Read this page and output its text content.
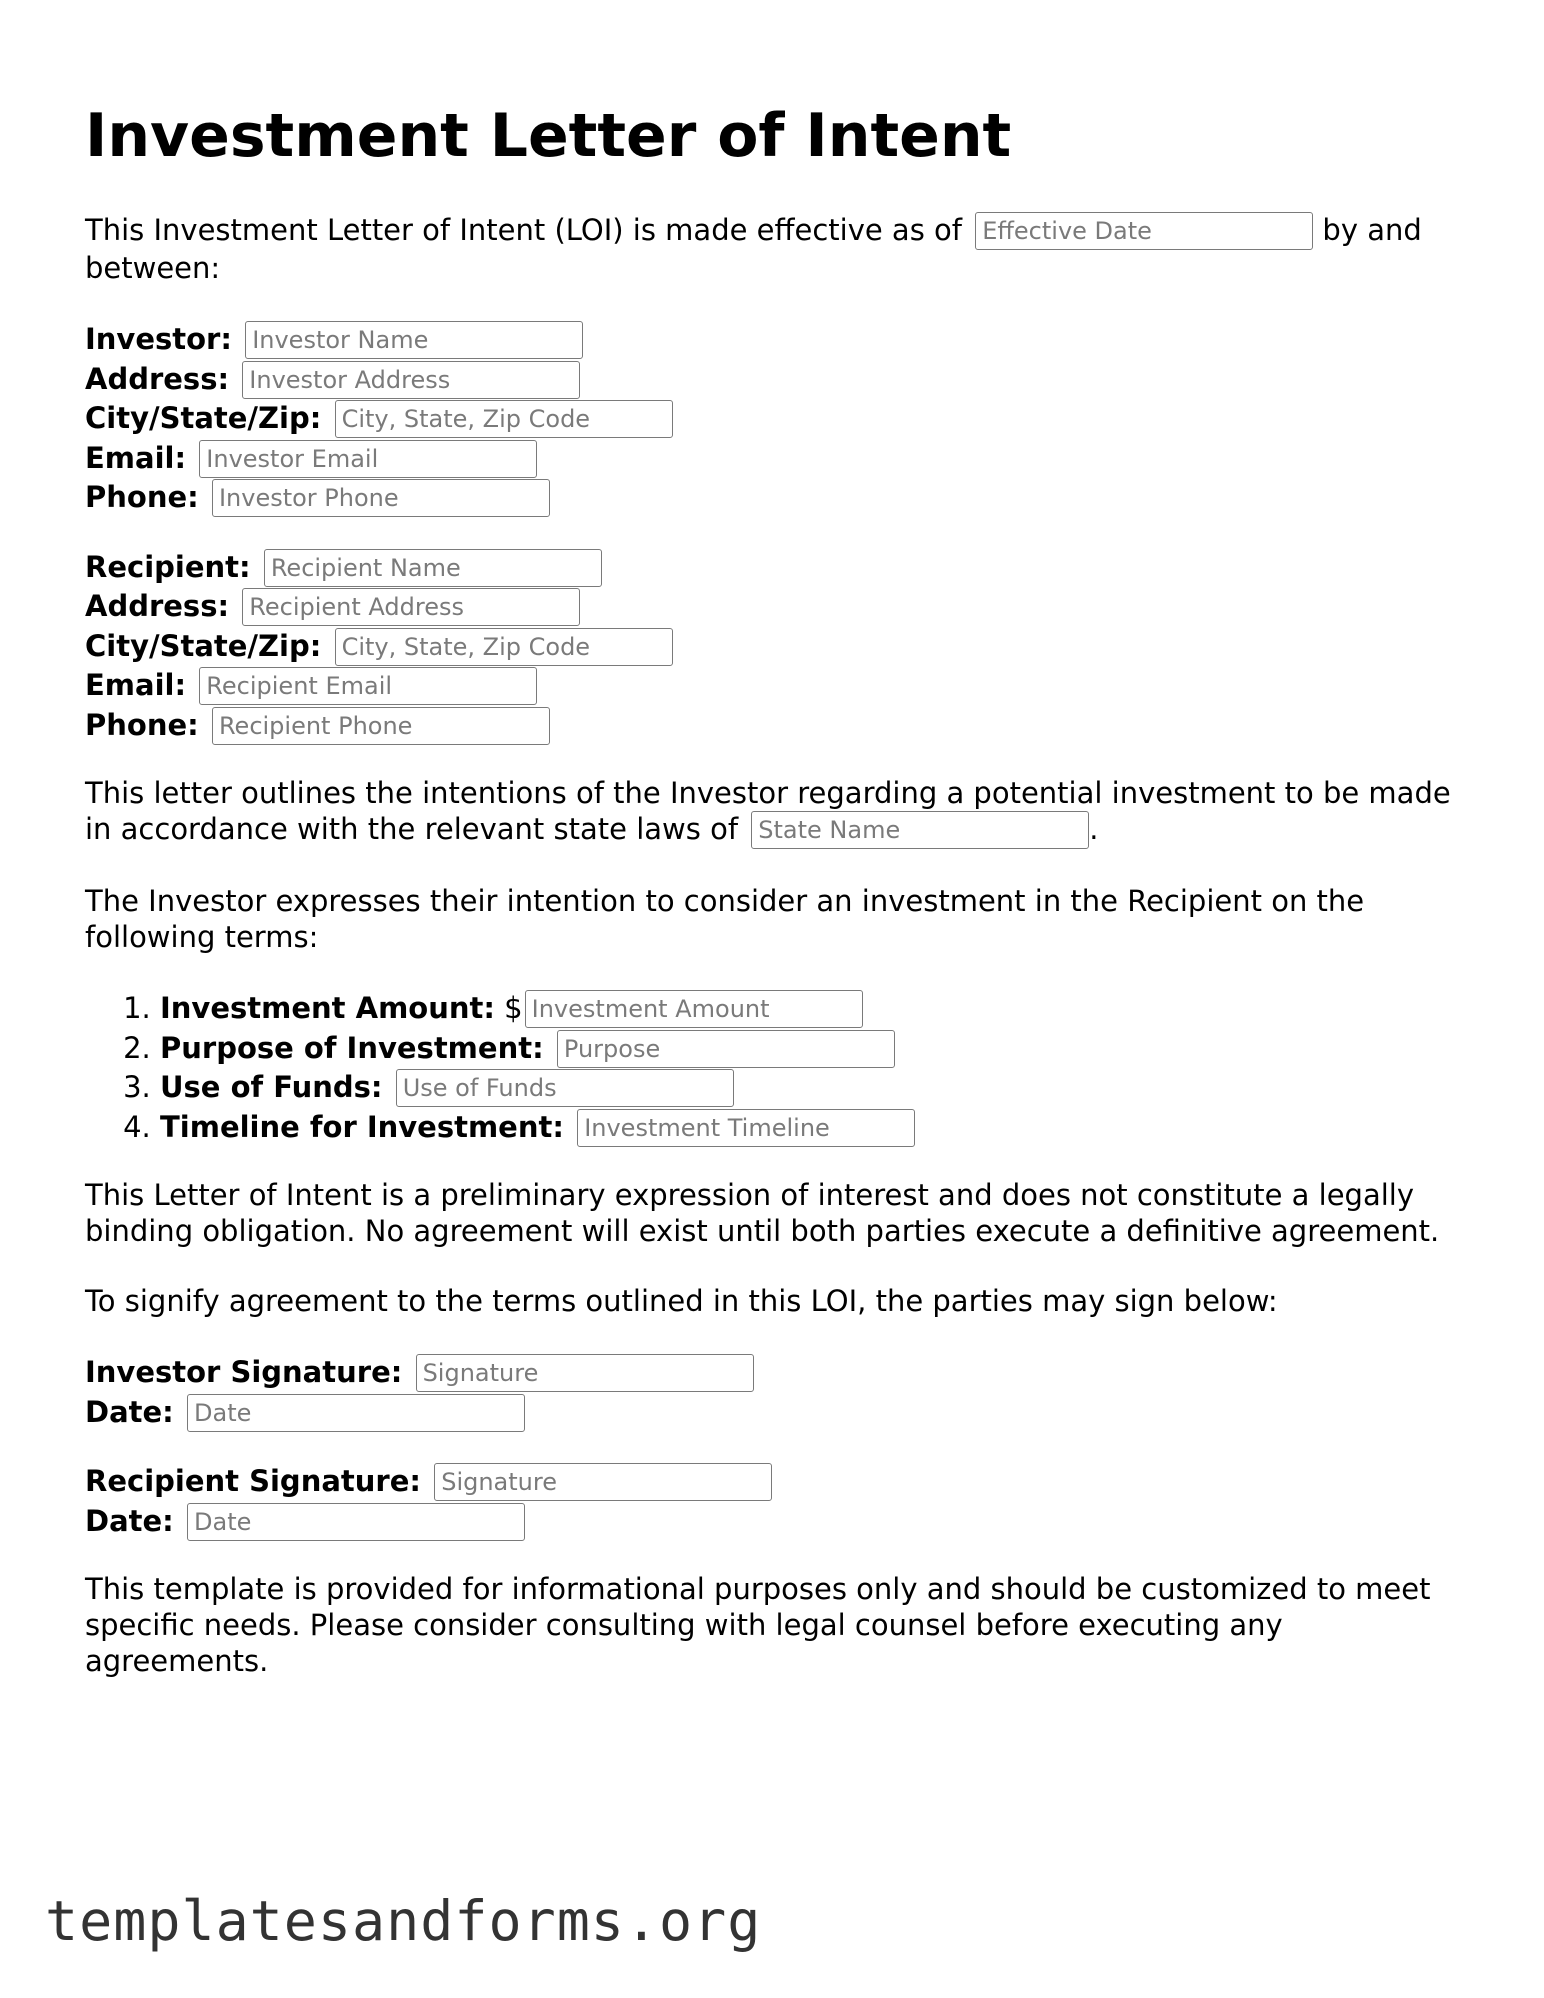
Investment Letter of Intent

This Investment Letter of Intent (LOI) is made effective as of Effective Date	by and between:

Investor: Investor Name
Address: Investor Address
City/State/Zip: City, State, Zip Code
Email: Investor Email
Phone: Investor Phone
Recipient: Recipient Name
Address: Recipient Address
City/State/Zip: City, State, Zip Code
Email: Recipient Email
Phone: Recipient Phone

This letter outlines the intentions of the Investor regarding a potential investment to be made in accordance with the relevant state laws of State Name	.

The Investor expresses their intention to consider an investment in the Recipient on the following terms:

1. Investment Amount: $Investment Amount
2. Purpose of Investment: Purpose
3. Use of Funds: Use of Funds
4. Timeline for Investment: Investment Timeline

This Letter of Intent is a preliminary expression of interest and does not constitute a legally binding obligation. No agreement will exist until both parties execute a definitive agreement.

To signify agreement to the terms outlined in this LOI, the parties may sign below:

Investor Signature: Signature
Date: Date
Recipient Signature: Signature
Date: Date

This template is provided for informational purposes only and should be customized to meet specific needs. Please consider consulting with legal counsel before executing any agreements.

templatesandforms.org
